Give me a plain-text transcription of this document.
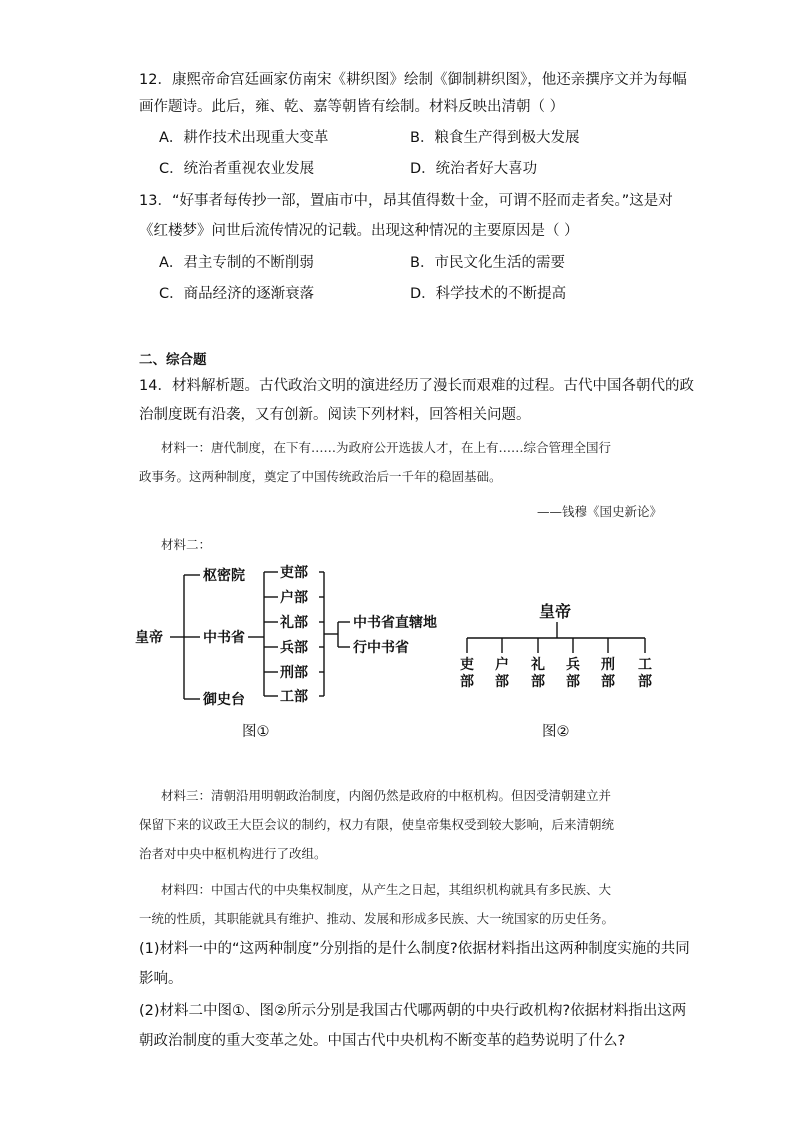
12．康熙帝命宫廷画家仿南宋《耕织图》绘制《御制耕织图》，他还亲撰序文并为每幅
画作题诗。此后，雍、乾、嘉等朝皆有绘制。材料反映出清朝（ ）
A．耕作技术出现重大变革	B．粮食生产得到极大发展
C．统治者重视农业发展	D．统治者好大喜功
13．“好事者每传抄一部，置庙市中，昂其值得数十金，可谓不胫而走者矣。”这是对
《红楼梦》问世后流传情况的记载。出现这种情况的主要原因是（ ）
A．君主专制的不断削弱	B．市民文化生活的需要
C．商品经济的逐渐衰落	D．科学技术的不断提高
二、综合题
14．材料解析题。古代政治文明的演进经历了漫长而艰难的过程。古代中国各朝代的政
治制度既有沿袭，又有创新。阅读下列材料，回答相关问题。
材料一：唐代制度，在下有……为政府公开选拔人才，在上有……综合管理全国行
政事务。这两种制度，奠定了中国传统政治后一千年的稳固基础。
——钱穆《国史新论》
材料二：
皇帝
枢密院
中书省
御史台
吏部
户部
礼部
兵部
刑部
工部
中书省直辖地
行中书省
图①
皇帝
吏
部
户
部
礼
部
兵
部
刑
部
工
部
图②
材料三：清朝沿用明朝政治制度，内阁仍然是政府的中枢机构。但因受清朝建立并
保留下来的议政王大臣会议的制约，权力有限，使皇帝集权受到较大影响，后来清朝统
治者对中央中枢机构进行了改组。
材料四：中国古代的中央集权制度，从产生之日起，其组织机构就具有多民族、大
一统的性质，其职能就具有维护、推动、发展和形成多民族、大一统国家的历史任务。
(1)材料一中的“这两种制度”分别指的是什么制度?依据材料指出这两种制度实施的共同
影响。
(2)材料二中图①、图②所示分别是我国古代哪两朝的中央行政机构?依据材料指出这两
朝政治制度的重大变革之处。中国古代中央机构不断变革的趋势说明了什么?
